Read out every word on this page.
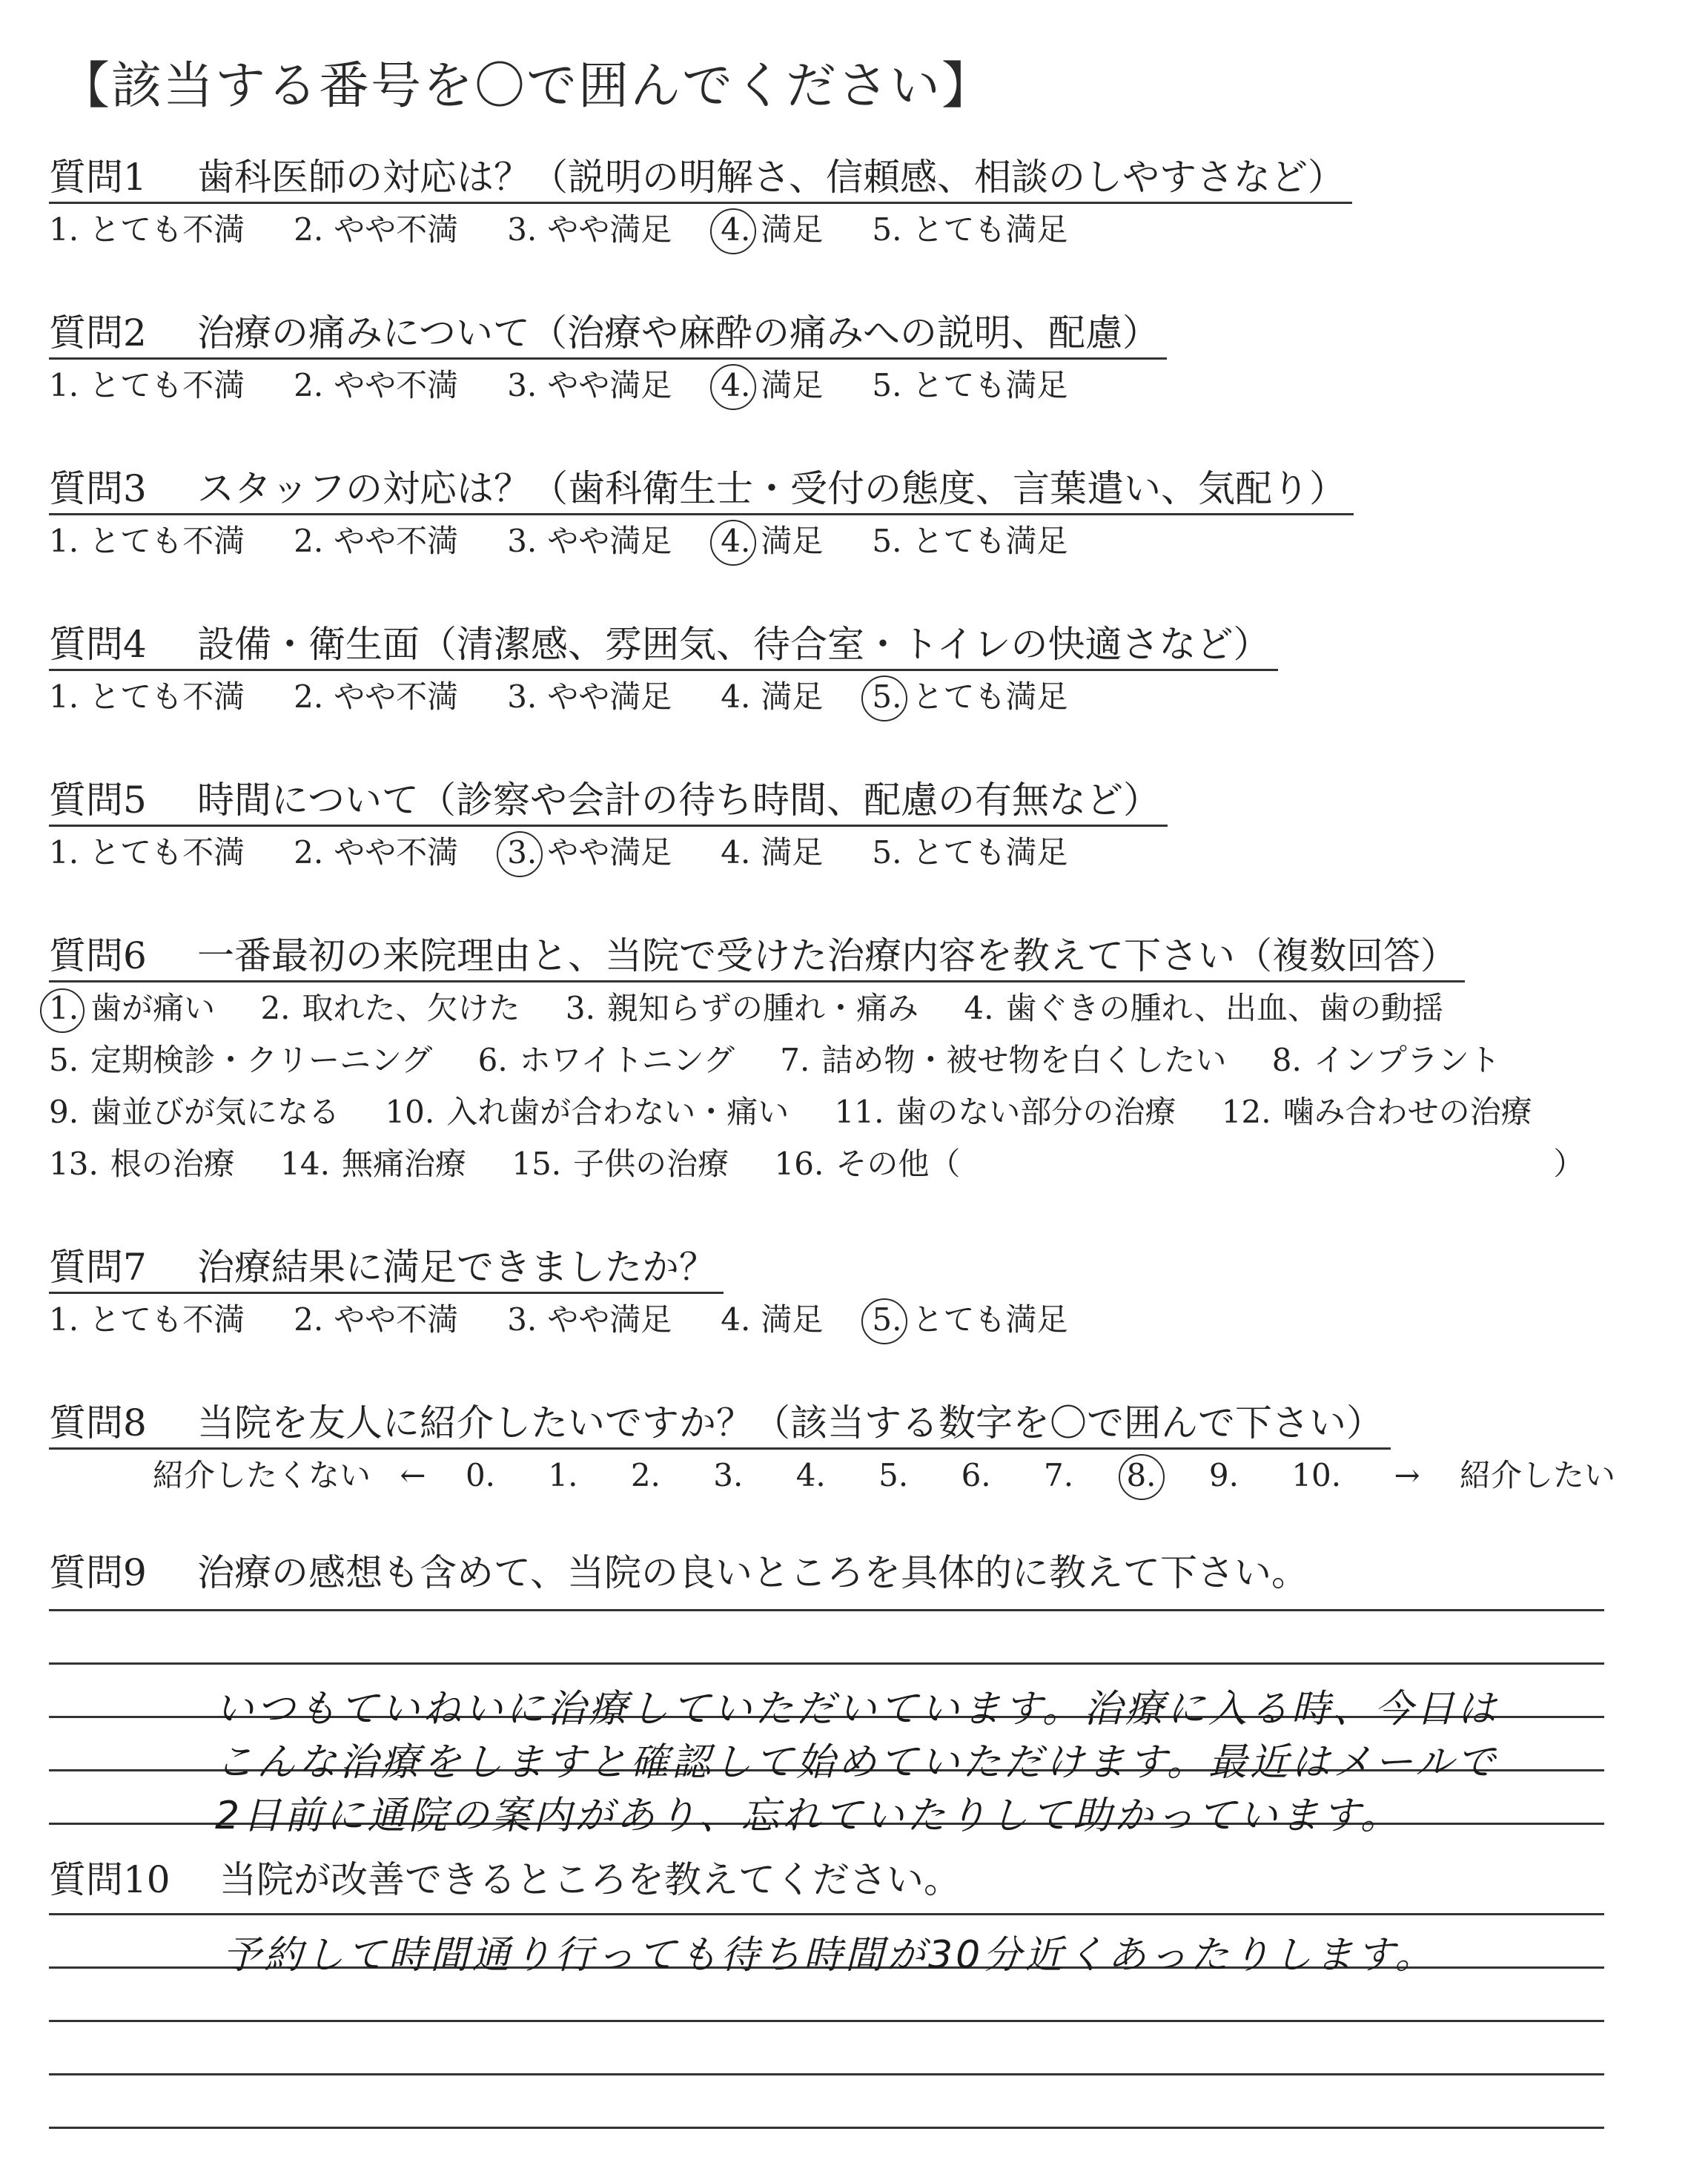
【該当する番号を〇で囲んでください】
質問1 歯科医師の対応は？（説明の明解さ、信頼感、相談のしやすさなど）
1. とても不満 2. やや不満 3. やや満足 4. 満足 5. とても満足
質問2 治療の痛みについて（治療や麻酔の痛みへの説明、配慮）
1. とても不満 2. やや不満 3. やや満足 4. 満足 5. とても満足
質問3 スタッフの対応は？（歯科衛生士・受付の態度、言葉遣い、気配り）
1. とても不満 2. やや不満 3. やや満足 4. 満足 5. とても満足
質問4 設備・衛生面（清潔感、雰囲気、待合室・トイレの快適さなど）
1. とても不満 2. やや不満 3. やや満足 4. 満足 5. とても満足
質問5 時間について（診察や会計の待ち時間、配慮の有無など）
1. とても不満 2. やや不満 3. やや満足 4. 満足 5. とても満足
質問6 一番最初の来院理由と、当院で受けた治療内容を教えて下さい（複数回答）
1. 歯が痛い 2. 取れた、欠けた 3. 親知らずの腫れ・痛み 4. 歯ぐきの腫れ、出血、歯の動揺
5. 定期検診・クリーニング 6. ホワイトニング 7. 詰め物・被せ物を白くしたい 8. インプラント
9. 歯並びが気になる 10. 入れ歯が合わない・痛い 11. 歯のない部分の治療 12. 噛み合わせの治療
13. 根の治療 14. 無痛治療 15. 子供の治療 16. その他（	）
質問7 治療結果に満足できましたか？
1. とても不満 2. やや不満 3. やや満足 4. 満足 5. とても満足
質問8 当院を友人に紹介したいですか？（該当する数字を〇で囲んで下さい）
紹介したくない ← 0. 1. 2. 3. 4. 5. 6. 7. 8. 9. 10. → 紹介したい
質問9 治療の感想も含めて、当院の良いところを具体的に教えて下さい。
いつもていねいに治療していただいています。治療に入る時、今日は
こんな治療をしますと確認して始めていただけます。最近はメールで
2日前に通院の案内があり、忘れていたりして助かっています。
質問10 当院が改善できるところを教えてください。
予約して時間通り行っても待ち時間が30分近くあったりします。
